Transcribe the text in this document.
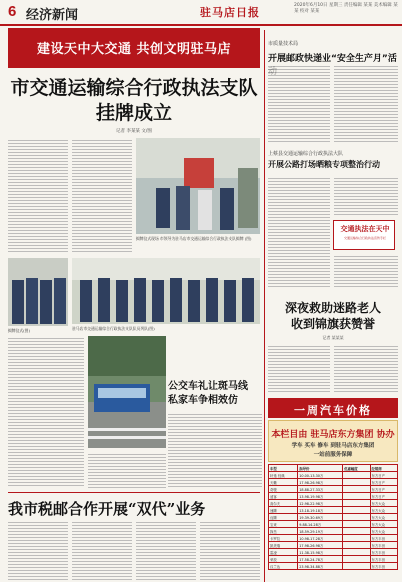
6 经济新闻	驻马店日报
2020年6月10日 星期三 责任编辑 某某 美术编辑 某某 校对 某某
建设天中大交通 共创文明驻马店
市交通运输综合行政执法支队
挂牌成立
记者 李某某 文/图
揭牌仪式现场 市领导为驻马店市交通运输综合行政执法支队揭牌 (图)
揭牌仪式(图)	驻马店市交通运输综合行政执法支队队员列队(图)
公交车礼让斑马线
私家车争相效仿
我市税邮合作开展“双代”业务
市质量技术局
开展邮政快递业“安全生产月”活
上蔡县交通运输综合行政执法大队
开展公路打场晒粮专项整治行动
交通执法在天中
交通运输综合行政执法宣传专栏
深夜救助迷路老人
收到锦旗获赞誉
记者 某某某
一周汽车价格
本栏目由 驻马店东方集团 协办
学车 买车 修车 到驻马店东方集团
一站前服务保障
车型	指导价	优惠幅度	经销商
轩逸 经典	10.00-13.30万		东方日产
天籁	17.98-26.98万		东方日产
奇骏	18.88-27.33万		东方日产
逍客	13.98-19.98万		东方日产
高尔夫	12.98-22.98万		东方大众
速腾	13.18-19.18万		东方大众
迈腾	19.39-30.69万		东方大众
宝来	9.88-14.28万		东方大众
探岳	18.59-29.19万		东方大众
卡罗拉	10.98-17.28万		东方丰田
凯美瑞	17.98-26.98万		东方丰田
雷凌	11.38-15.98万		东方丰田
荣放	17.58-24.78万		东方丰田
汉兰达	23.98-34.88万		东方丰田
